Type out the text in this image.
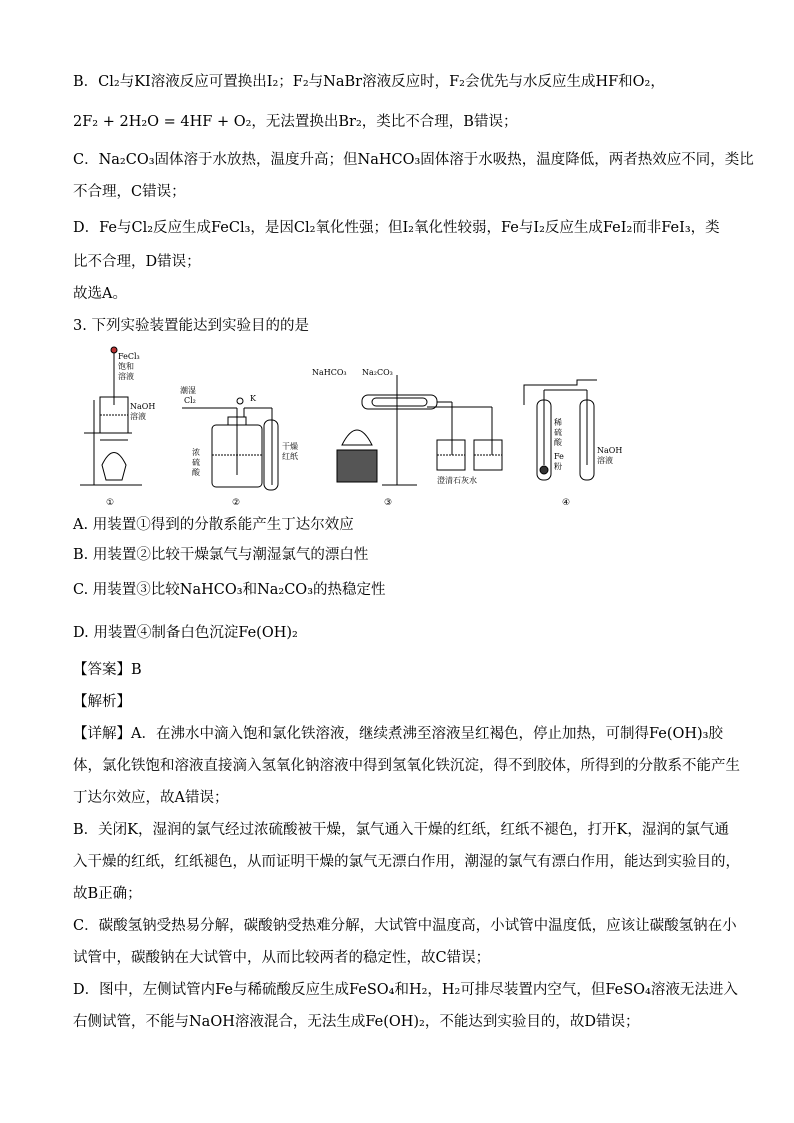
B．Cl₂与KI溶液反应可置换出I₂；F₂与NaBr溶液反应时，F₂会优先与水反应生成HF和O₂，
2F₂ + 2H₂O = 4HF + O₂，无法置换出Br₂，类比不合理，B错误；
C．Na₂CO₃固体溶于水放热，温度升高；但NaHCO₃固体溶于水吸热，温度降低，两者热效应不同，类比
不合理，C错误；
D．Fe与Cl₂反应生成FeCl₃，是因Cl₂氧化性强；但I₂氧化性较弱，Fe与I₂反应生成FeI₂而非FeI₃，类
比不合理，D错误；
故选A。
3. 下列实验装置能达到实验目的的是
FeCl₃
饱和
溶液
NaOH
溶液
①
潮湿
Cl₂	K
浓
硫
酸
干燥
红纸
②
NaHCO₃ Na₂CO₃
澄清石灰水
③
稀
硫
酸
Fe
粉
NaOH
溶液
④
A. 用装置①得到的分散系能产生丁达尔效应
B. 用装置②比较干燥氯气与潮湿氯气的漂白性
C. 用装置③比较NaHCO₃和Na₂CO₃的热稳定性
D. 用装置④制备白色沉淀Fe(OH)₂
【答案】B
【解析】
【详解】A．在沸水中滴入饱和氯化铁溶液，继续煮沸至溶液呈红褐色，停止加热，可制得Fe(OH)₃胶
体，氯化铁饱和溶液直接滴入氢氧化钠溶液中得到氢氧化铁沉淀，得不到胶体，所得到的分散系不能产生
丁达尔效应，故A错误；
B．关闭K，湿润的氯气经过浓硫酸被干燥，氯气通入干燥的红纸，红纸不褪色，打开K，湿润的氯气通
入干燥的红纸，红纸褪色，从而证明干燥的氯气无漂白作用，潮湿的氯气有漂白作用，能达到实验目的，
故B正确；
C．碳酸氢钠受热易分解，碳酸钠受热难分解，大试管中温度高，小试管中温度低，应该让碳酸氢钠在小
试管中，碳酸钠在大试管中，从而比较两者的稳定性，故C错误；
D．图中，左侧试管内Fe与稀硫酸反应生成FeSO₄和H₂，H₂可排尽装置内空气，但FeSO₄溶液无法进入
右侧试管，不能与NaOH溶液混合，无法生成Fe(OH)₂，不能达到实验目的，故D错误；
